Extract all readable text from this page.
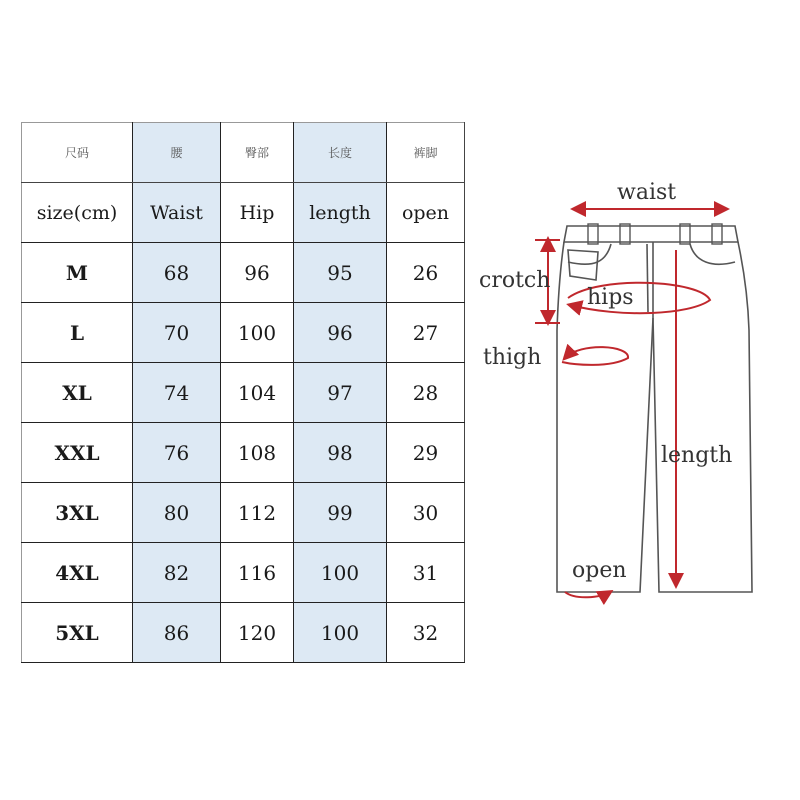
尺码	腰	臀部	长度	裤脚
size(cm)	Waist	Hip	length	open
M	68	96	95	26
L	70	100	96	27
XL	74	104	97	28
XXL	76	108	98	29
3XL	80	112	99	30
4XL	82	116	100	31
5XL	86	120	100	32
waist
crotch
hips
thigh
length
open
